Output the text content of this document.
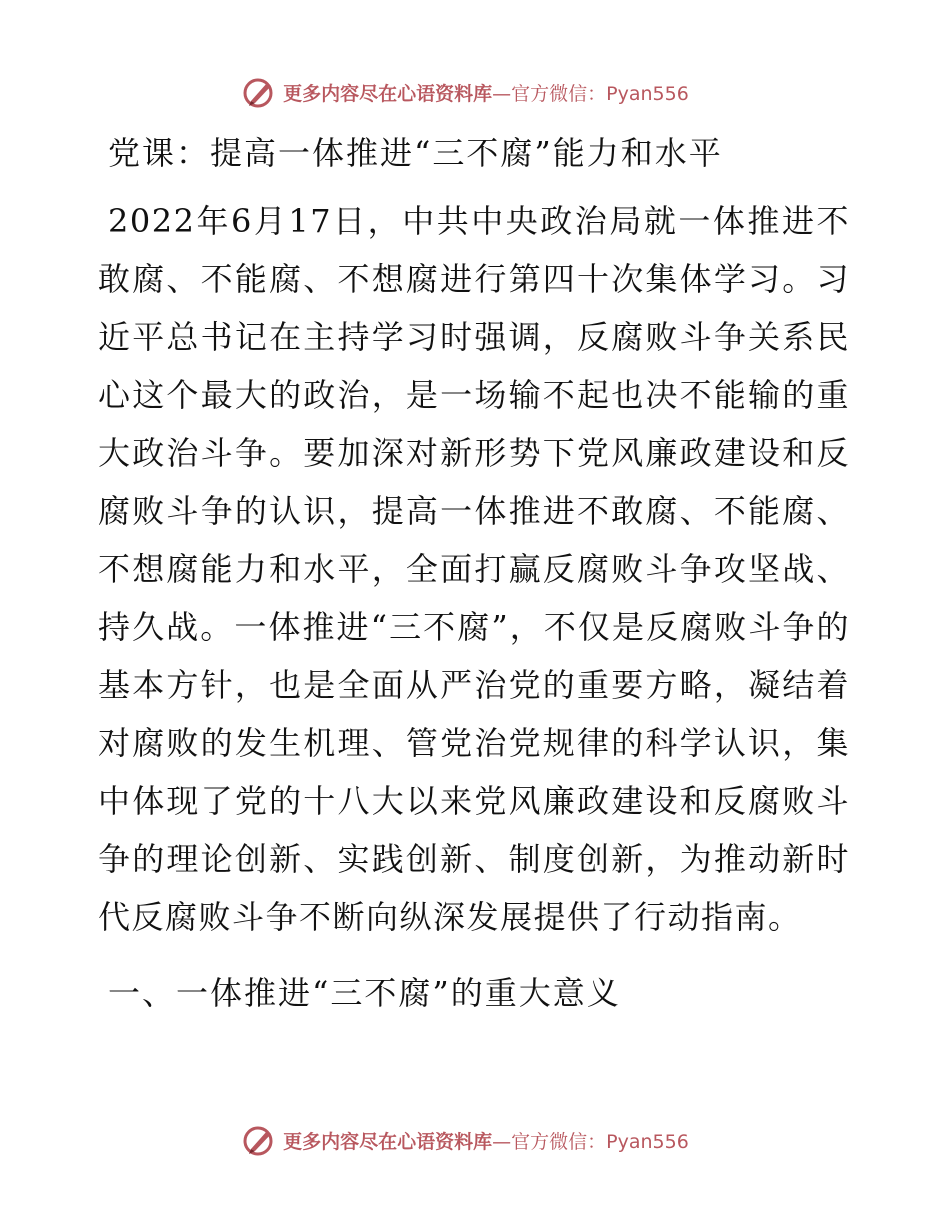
更多内容尽在心语资料库—官方微信：Pyan556
党课：提高一体推进“三不腐”能力和水平
2022年6月17日，中共中央政治局就一体推进不敢腐、不能腐、不想腐进行第四十次集体学习。习近平总书记在主持学习时强调，反腐败斗争关系民心这个最大的政治，是一场输不起也决不能输的重大政治斗争。要加深对新形势下党风廉政建设和反腐败斗争的认识，提高一体推进不敢腐、不能腐、不想腐能力和水平，全面打赢反腐败斗争攻坚战、持久战。一体推进“三不腐”，不仅是反腐败斗争的基本方针，也是全面从严治党的重要方略，凝结着对腐败的发生机理、管党治党规律的科学认识，集中体现了党的十八大以来党风廉政建设和反腐败斗争的理论创新、实践创新、制度创新，为推动新时代反腐败斗争不断向纵深发展提供了行动指南。
一、一体推进“三不腐”的重大意义
更多内容尽在心语资料库—官方微信：Pyan556
